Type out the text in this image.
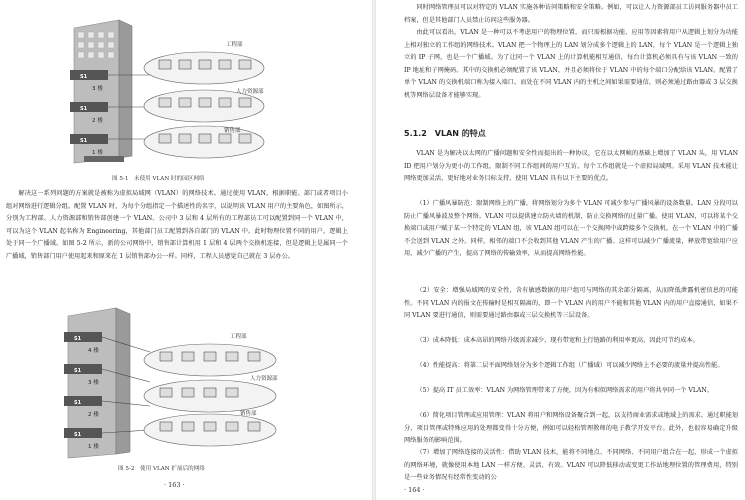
S1
3 楼
S1
2 楼
S1
1 楼
工程部
人力资源部
销售部
图 5-1　未使用 VLAN 时的园区网络

解决这一系列问题的方案就是被称为虚拟局域网（VLAN）的网络技术。通过使用 VLAN，根据职能、部门或者项目小组对网络进行逻辑分组。配置 VLAN 时，为每个分组指定一个描述性的名字，以说明该 VLAN 用户的主要角色，如图所示，分别为工程部、人力资源部和销售部创建一个 VLAN。公司中 3 层和 4 层所有的工程部员工可以配置到同一个 VLAN 中，可以为这个 VLAN 起名称为 Engineering，其他部门员工配置到各自部门的 VLAN 中。此时物理位置不同的用户，逻辑上处于同一个广播域。如图 5-2 所示，新的公司网络中，销售部计算机用 1 层和 4 层两个交换机连接，但是逻辑上是属同一个广播域，销售部门用户使用起来和原来在 1 层销售部办公一样。同样，工程人员感觉自己就在 3 层办公。

S1
4 楼
S1
3 楼
S1
2 楼
S1
1 楼
工程部
人力资源部
销售部
图 5-2　使用 VLAN 扩展后的网络
· 163 ·

同时网络管理员可以对特定的 VLAN 实施各种访问策略和安全策略。例如，可以让人力资源部员工访问服务器中员工档案，但是其他部门人员禁止访问这些服务器。

由此可以看出，VLAN 是一种可以不考虑用户的物理位置，而只需根据功能、应用等因素将用户从逻辑上划分为功能上相对独立的工作组的网络技术。VLAN 把一个物理上的 LAN 划分成多个逻辑上的 LAN，每个 VLAN 是一个逻辑上独立的 IP 子网，也是一个广播域。为了让同一个 VLAN 上的计算机能相互通信，每台计算机必须具有与该 VLAN 一致的 IP 地址和子网掩码。其中的交换机必须配置了该 VLAN，并且必须将位于 VLAN 中的每个端口分配给该 VLAN。配置了单个 VLAN 的交换机端口称为接入端口。而处在不同 VLAN 内的主机之间如果需要通信，则必须通过路由器或 3 层交换机等网络层设备才能够实现。

5.1.2　VLAN 的特点

VLAN 是为解决以太网的广播问题和安全性而提出的一种协议，它在以太网帧的基础上增加了 VLAN 头，用 VLAN ID 把用户划分为更小的工作组，限制不同工作组间的用户互访，每个工作组就是一个虚拟局域网。采用 VLAN 技术能让网络更加灵活，更好地对业务目标支持，使用 VLAN 具有以下主要的优点。

（1）广播风暴防范：限制网络上的广播，将网络划分为多个 VLAN 可减少参与广播风暴的设备数量。LAN 分段可以防止广播风暴波及整个网络。VLAN 可以提供建立防火墙的机制，防止交换网络的过量广播。使用 VLAN，可以将某个交换端口或用户赋于某一个特定的 VLAN 组，该 VLAN 组可以在一个交换网中或跨接多个交换机，在一个 VLAN 中的广播不会送到 VLAN 之外。同样，相邻的端口不会收到其他 VLAN 产生的广播。这样可以减少广播流量，释放带宽给用户应用，减少广播的产生，提高了网络的传输效率，从而提高网络性能。

（2）安全：增强局域网的安全性，含有敏感数据的用户组可与网络的其余部分隔离，从而降低泄露机密信息的可能性。不同 VLAN 内的报文在传输时是相互隔离的，即一个 VLAN 内的用户不能和其他 VLAN 内的用户直接通信，如果不同 VLAN 要进行通信，则需要通过路由器或三层交换机等三层设备。

（3）成本降低：成本高昂的网络升级需求减少，现有带宽和上行链路的利用率更高，因此可节约成本。

（4）性能提高：将第二层平面网络划分为多个逻辑工作组（广播域）可以减少网络上不必要的流量并提高性能。

（5）提高 IT 员工效率：VLAN 为网络管理带来了方便，因为有相似网络需求的用户将共享同一个 VLAN。

（6）简化项目管理或应用管理：VLAN 将用户和网络设备聚合到一起，以支持商业需求或地域上的需求。通过职能划分，项目管理或特殊应用的处理都变得十分方便，例如可以轻松管理教师的电子教学开发平台。此外，也很容易确定升级网络服务的影响范围。

（7）增加了网络连接的灵活性：借助 VLAN 技术，能将不同地点、不同网络、不同用户组合在一起，形成一个虚拟的网络环境，就像使用本地 LAN 一样方便、灵活、有效。VLAN 可以降低移动或变更工作站地理位置的管理费用，特别是一些业务情况有经常性变动的公

· 164 ·
